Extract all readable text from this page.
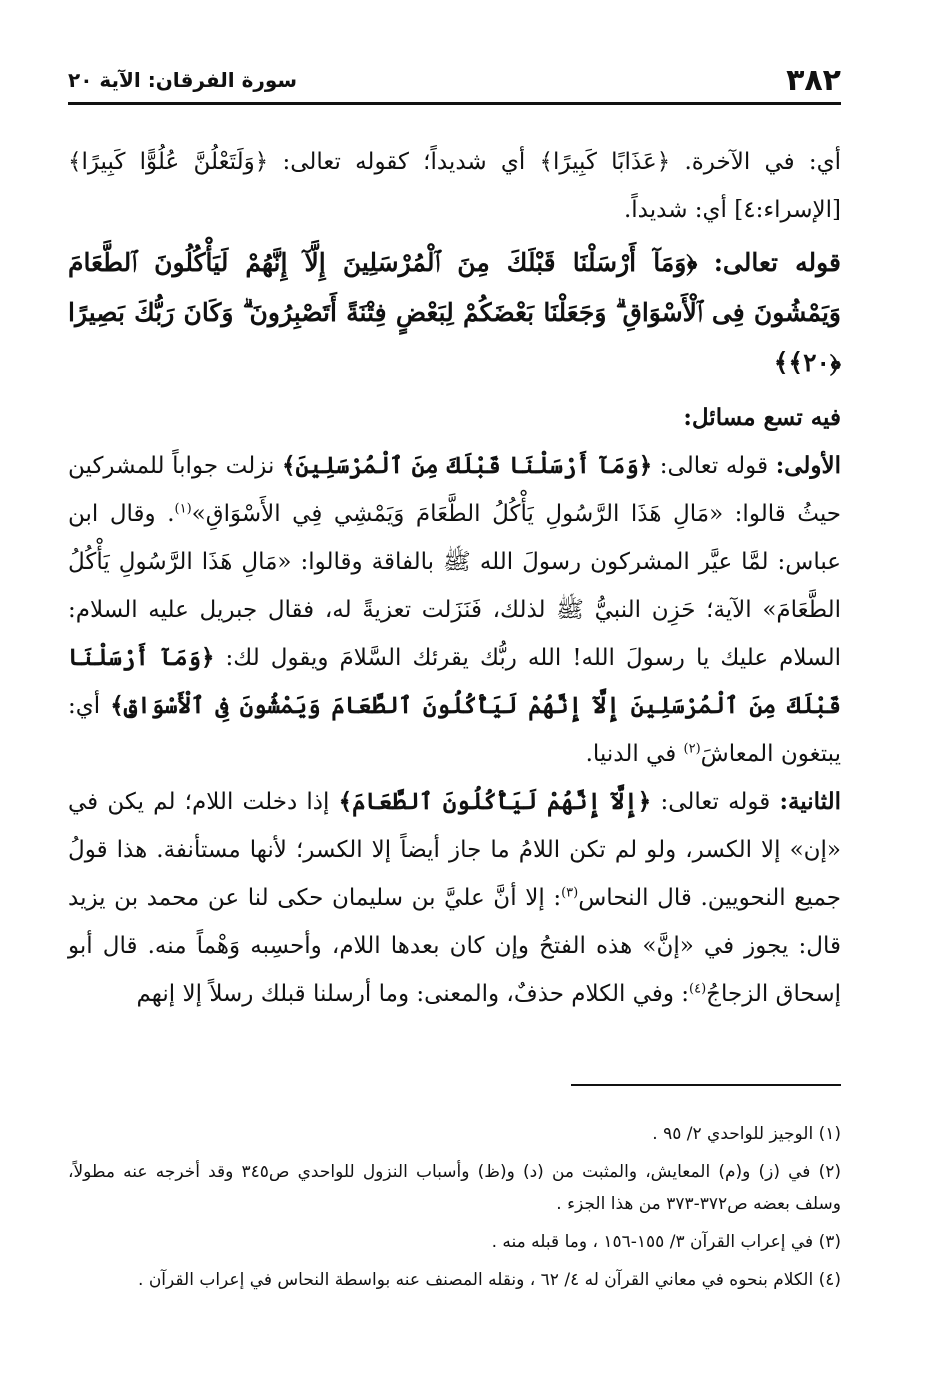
٣٨٢
سورة الفرقان: الآية ٢٠

أي: في الآخرة. ﴿عَذَابًا كَبِيرًا﴾ أي شديداً؛ كقوله تعالى: ﴿وَلَتَعْلُنَّ عُلُوًّا كَبِيرًا﴾ [الإسراء:٤] أي: شديداً.

قوله تعالى: ﴿وَمَآ أَرْسَلْنَا قَبْلَكَ مِنَ ٱلْمُرْسَلِينَ إِلَّآ إِنَّهُمْ لَيَأْكُلُونَ ٱلطَّعَامَ وَيَمْشُونَ فِى ٱلْأَسْوَاقِ ۗ وَجَعَلْنَا بَعْضَكُمْ لِبَعْضٍ فِتْنَةً أَتَصْبِرُونَ ۗ وَكَانَ رَبُّكَ بَصِيرًا ﴿٢٠﴾﴾

فيه تسع مسائل:

الأولى: قوله تعالى: ﴿وَمَآ أَرْسَلْنَا قَبْلَكَ مِنَ ٱلْمُرْسَلِينَ﴾ نزلت جواباً للمشركين حيثُ قالوا: «مَالِ هَذَا الرَّسُولِ يَأْكُلُ الطَّعَامَ وَيَمْشِي فِي الأَسْوَاقِ»$^{(١)}$. وقال ابن عباس: لمَّا عيَّر المشركون رسولَ الله ﷺ بالفاقة وقالوا: «مَالِ هَذَا الرَّسُولِ يَأْكُلُ الطَّعَامَ» الآية؛ حَزِن النبيُّ ﷺ لذلك، فَنَزَلت تعزيةً له، فقال جبريل عليه السلام: السلام عليك يا رسولَ الله! الله ربُّك يقرئك السَّلامَ ويقول لك: ﴿وَمَآ أَرْسَلْنَا قَبْلَكَ مِنَ ٱلْمُرْسَلِينَ إِلَّآ إِنَّهُمْ لَيَأْكُلُونَ ٱلطَّعَامَ وَيَمْشُونَ فِى ٱلْأَسْوَاقِ﴾ أي: يبتغون المعاشَ$^{(٢)}$ في الدنيا.

الثانية: قوله تعالى: ﴿إِلَّآ إِنَّهُمْ لَيَأْكُلُونَ ٱلطَّعَامَ﴾ إذا دخلت اللام؛ لم يكن في «إن» إلا الكسر، ولو لم تكن اللامُ ما جاز أيضاً إلا الكسر؛ لأنها مستأنفة. هذا قولُ جميع النحويين. قال النحاس$^{(٣)}$: إلا أنَّ عليَّ بن سليمان حكى لنا عن محمد بن يزيد قال: يجوز في «إنَّ» هذه الفتحُ وإن كان بعدها اللام، وأحسِبه وَهْماً منه. قال أبو إسحاق الزجاجُ$^{(٤)}$: وفي الكلام حذفٌ، والمعنى: وما أرسلنا قبلك رسلاً إلا إنهم

(١) الوجيز للواحدي ٢/ ٩٥ .

(٢) في (ز) و(م) المعايش، والمثبت من (د) و(ظ) وأسباب النزول للواحدي ص٣٤٥ وقد أخرجه عنه مطولاً، وسلف بعضه ص٣٧٢-٣٧٣ من هذا الجزء .

(٣) في إعراب القرآن ٣/ ١٥٥-١٥٦ ، وما قبله منه .

(٤) الكلام بنحوه في معاني القرآن له ٤/ ٦٢ ، ونقله المصنف عنه بواسطة النحاس في إعراب القرآن .
